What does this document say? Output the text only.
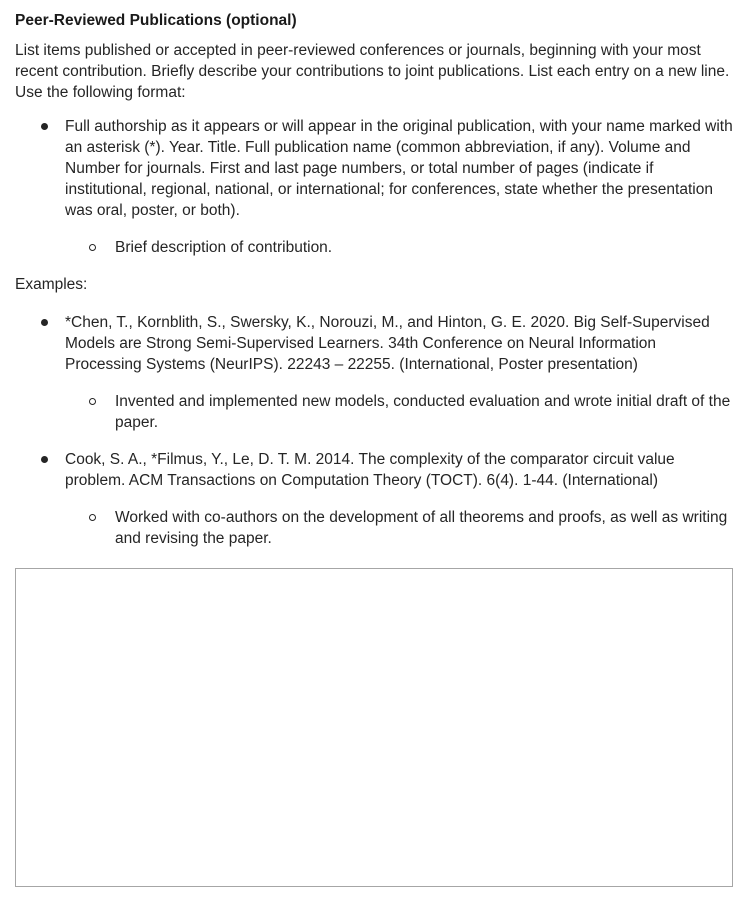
Peer-Reviewed Publications (optional)
List items published or accepted in peer-reviewed conferences or journals, beginning with your most recent contribution. Briefly describe your contributions to joint publications. List each entry on a new line. Use the following format:
Full authorship as it appears or will appear in the original publication, with your name marked with an asterisk (*). Year. Title. Full publication name (common abbreviation, if any). Volume and Number for journals. First and last page numbers, or total number of pages (indicate if institutional, regional, national, or international; for conferences, state whether the presentation was oral, poster, or both).
Brief description of contribution.
Examples:
*Chen, T., Kornblith, S., Swersky, K., Norouzi, M., and Hinton, G. E. 2020. Big Self-Supervised Models are Strong Semi-Supervised Learners. 34th Conference on Neural Information Processing Systems (NeurIPS). 22243 – 22255. (International, Poster presentation)
Invented and implemented new models, conducted evaluation and wrote initial draft of the paper.
Cook, S. A., *Filmus, Y., Le, D. T. M. 2014. The complexity of the comparator circuit value problem. ACM Transactions on Computation Theory (TOCT). 6(4). 1-44. (International)
Worked with co-authors on the development of all theorems and proofs, as well as writing and revising the paper.
